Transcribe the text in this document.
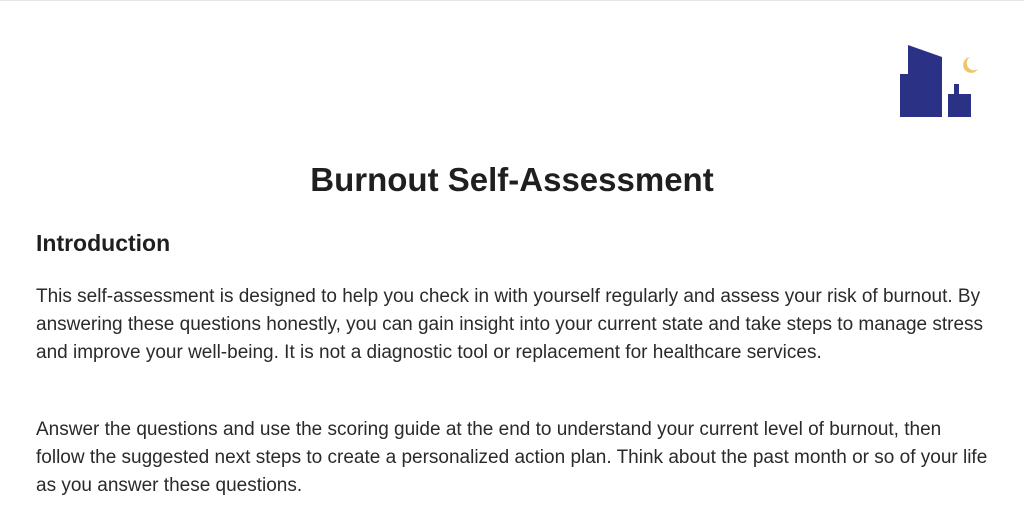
Burnout Self-Assessment
Introduction

This self-assessment is designed to help you check in with yourself regularly and assess your risk of burnout. By answering these questions honestly, you can gain insight into your current state and take steps to manage stress and improve your well-being. It is not a diagnostic tool or replacement for healthcare services.

Answer the questions and use the scoring guide at the end to understand your current level of burnout, then follow the suggested next steps to create a personalized action plan. Think about the past month or so of your life as you answer these questions.
